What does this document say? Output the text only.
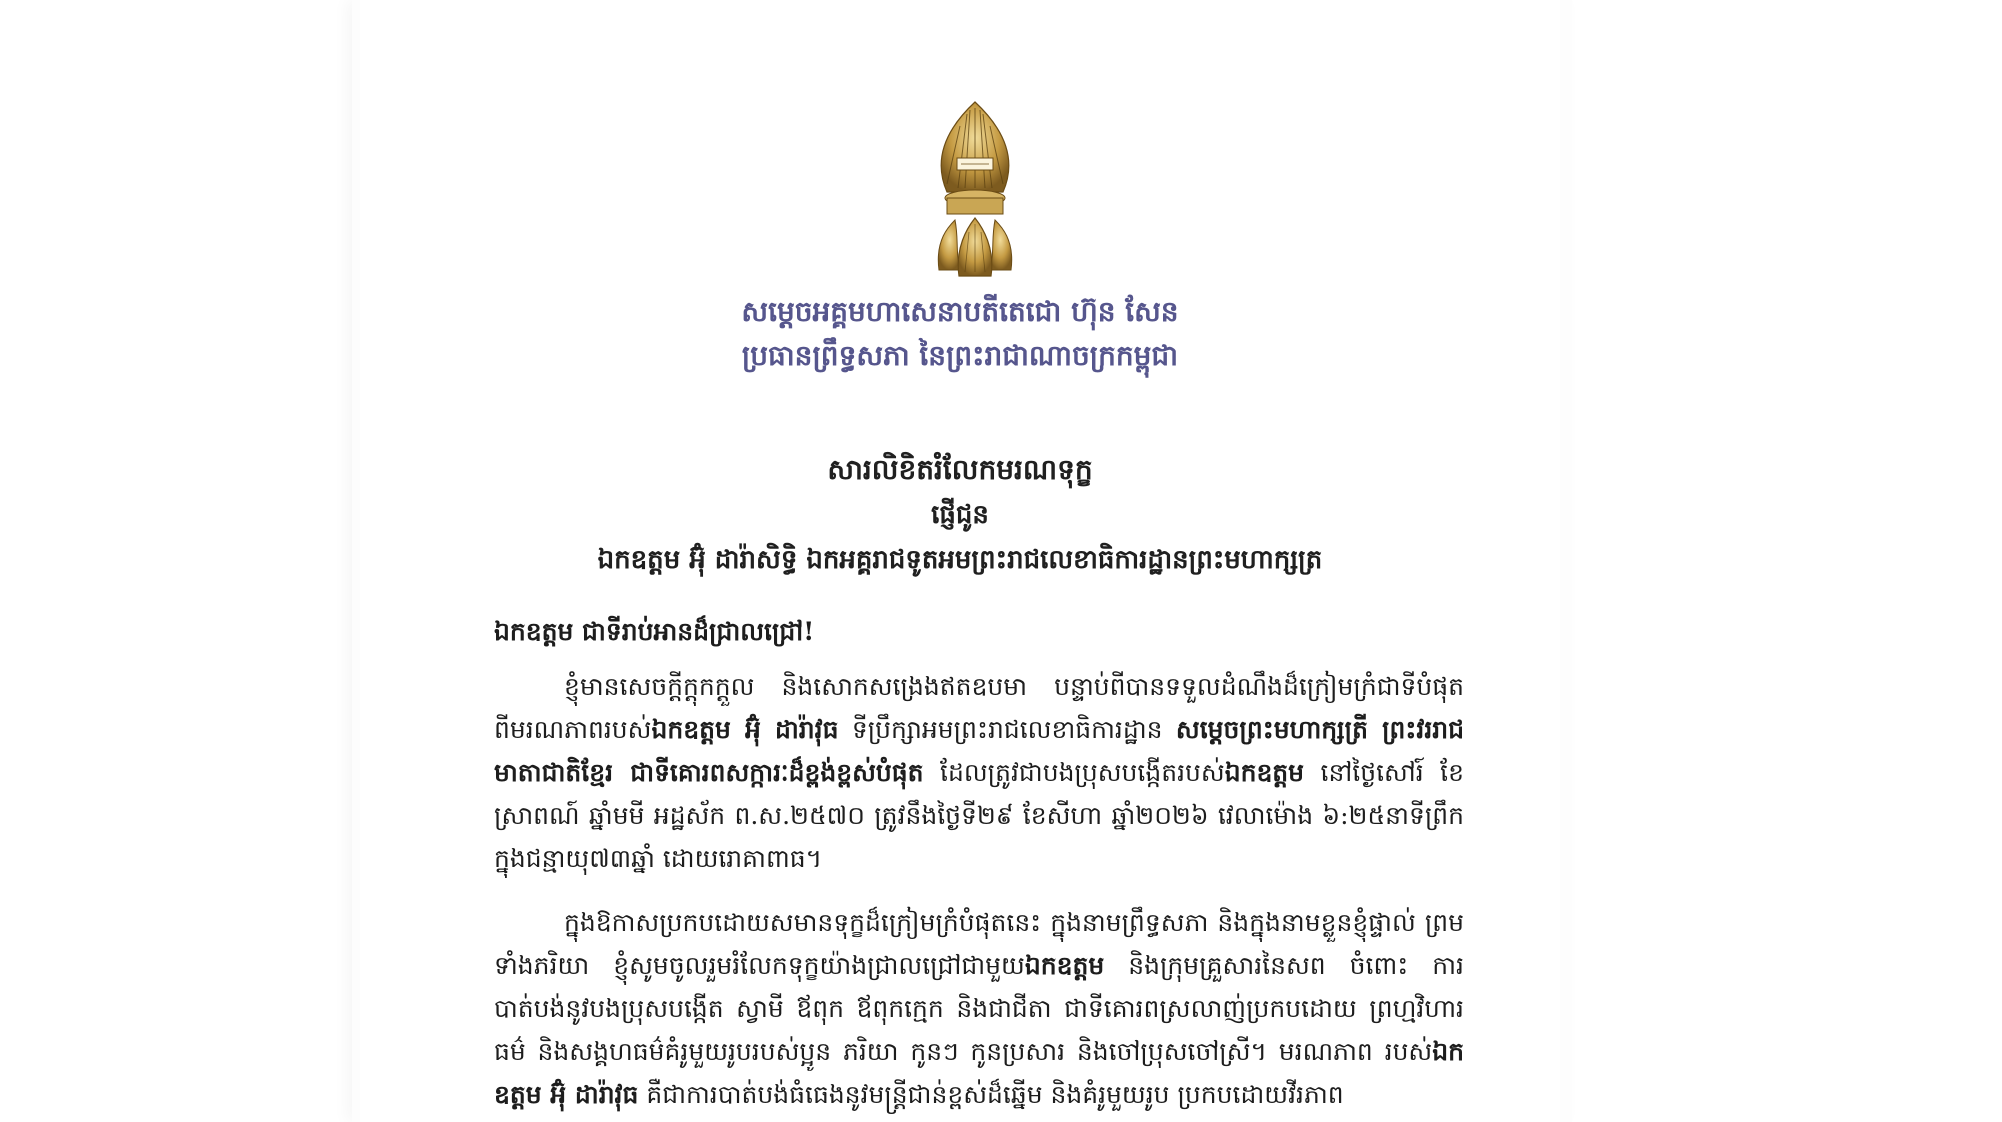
សម្តេចអគ្គមហាសេនាបតីតេជោ ហ៊ុន សែន
ប្រធានព្រឹទ្ធសភា នៃព្រះរាជាណាចក្រកម្ពុជា
សារលិខិតរំលែកមរណទុក្ខ
ផ្ញើជូន
ឯកឧត្តម អ៊ុំ ដារ៉ាសិទ្ធិ ឯកអគ្គរាជទូតអមព្រះរាជលេខាធិការដ្ឋានព្រះមហាក្សត្រ
ឯកឧត្តម ជាទីរាប់អានដ៏ជ្រាលជ្រៅ!
ខ្ញុំមានសេចក្តីក្តុកក្តួល និងសោកសង្រេងឥតឧបមា បន្ទាប់ពីបានទទួលដំណឹងដ៏ក្រៀមក្រំជាទីបំផុត ពីមរណភាពរបស់ឯកឧត្តម អ៊ុំ ដារ៉ាវុធ ទីប្រឹក្សាអមព្រះរាជលេខាធិការដ្ឋាន សម្តេចព្រះមហាក្សត្រី ព្រះវររាជមាតាជាតិខ្មែរ ជាទីគោរពសក្ការៈដ៏ខ្ពង់ខ្ពស់បំផុត ដែលត្រូវជាបងប្រុសបង្កើតរបស់ឯកឧត្តម នៅថ្ងៃសៅរ៍ ខែស្រាពណ៍ ឆ្នាំមមី អដ្ឋស័ក ព.ស.២៥៧០ ត្រូវនឹងថ្ងៃទី២៩ ខែសីហា ឆ្នាំ២០២៦ វេលាម៉ោង ៦:២៥នាទីព្រឹក ក្នុងជន្មាយុ៧៣ឆ្នាំ ដោយរោគាពាធ។
ក្នុងឱកាសប្រកបដោយសមានទុក្ខដ៏ក្រៀមក្រំបំផុតនេះ ក្នុងនាមព្រឹទ្ធសភា និងក្នុងនាមខ្លួនខ្ញុំផ្ទាល់ ព្រមទាំងភរិយា ខ្ញុំសូមចូលរួមរំលែកទុក្ខយ៉ាងជ្រាលជ្រៅជាមួយឯកឧត្តម និងក្រុមគ្រួសារនៃសព ចំពោះ ការបាត់បង់នូវបងប្រុសបង្កើត ស្វាមី ឪពុក ឪពុកក្មេក និងជាជីតា ជាទីគោរពស្រលាញ់ប្រកបដោយ ព្រហ្មវិហារធម៌ និងសង្គហធម៌គំរូមួយរូបរបស់ប្អូន ភរិយា កូនៗ កូនប្រសារ និងចៅប្រុសចៅស្រី។ មរណភាព របស់ឯកឧត្តម អ៊ុំ ដារ៉ាវុធ គឺជាការបាត់បង់ធំធេងនូវមន្ត្រីជាន់ខ្ពស់ដ៏ឆ្នើម និងគំរូមួយរូប ប្រកបដោយវីរភាព
